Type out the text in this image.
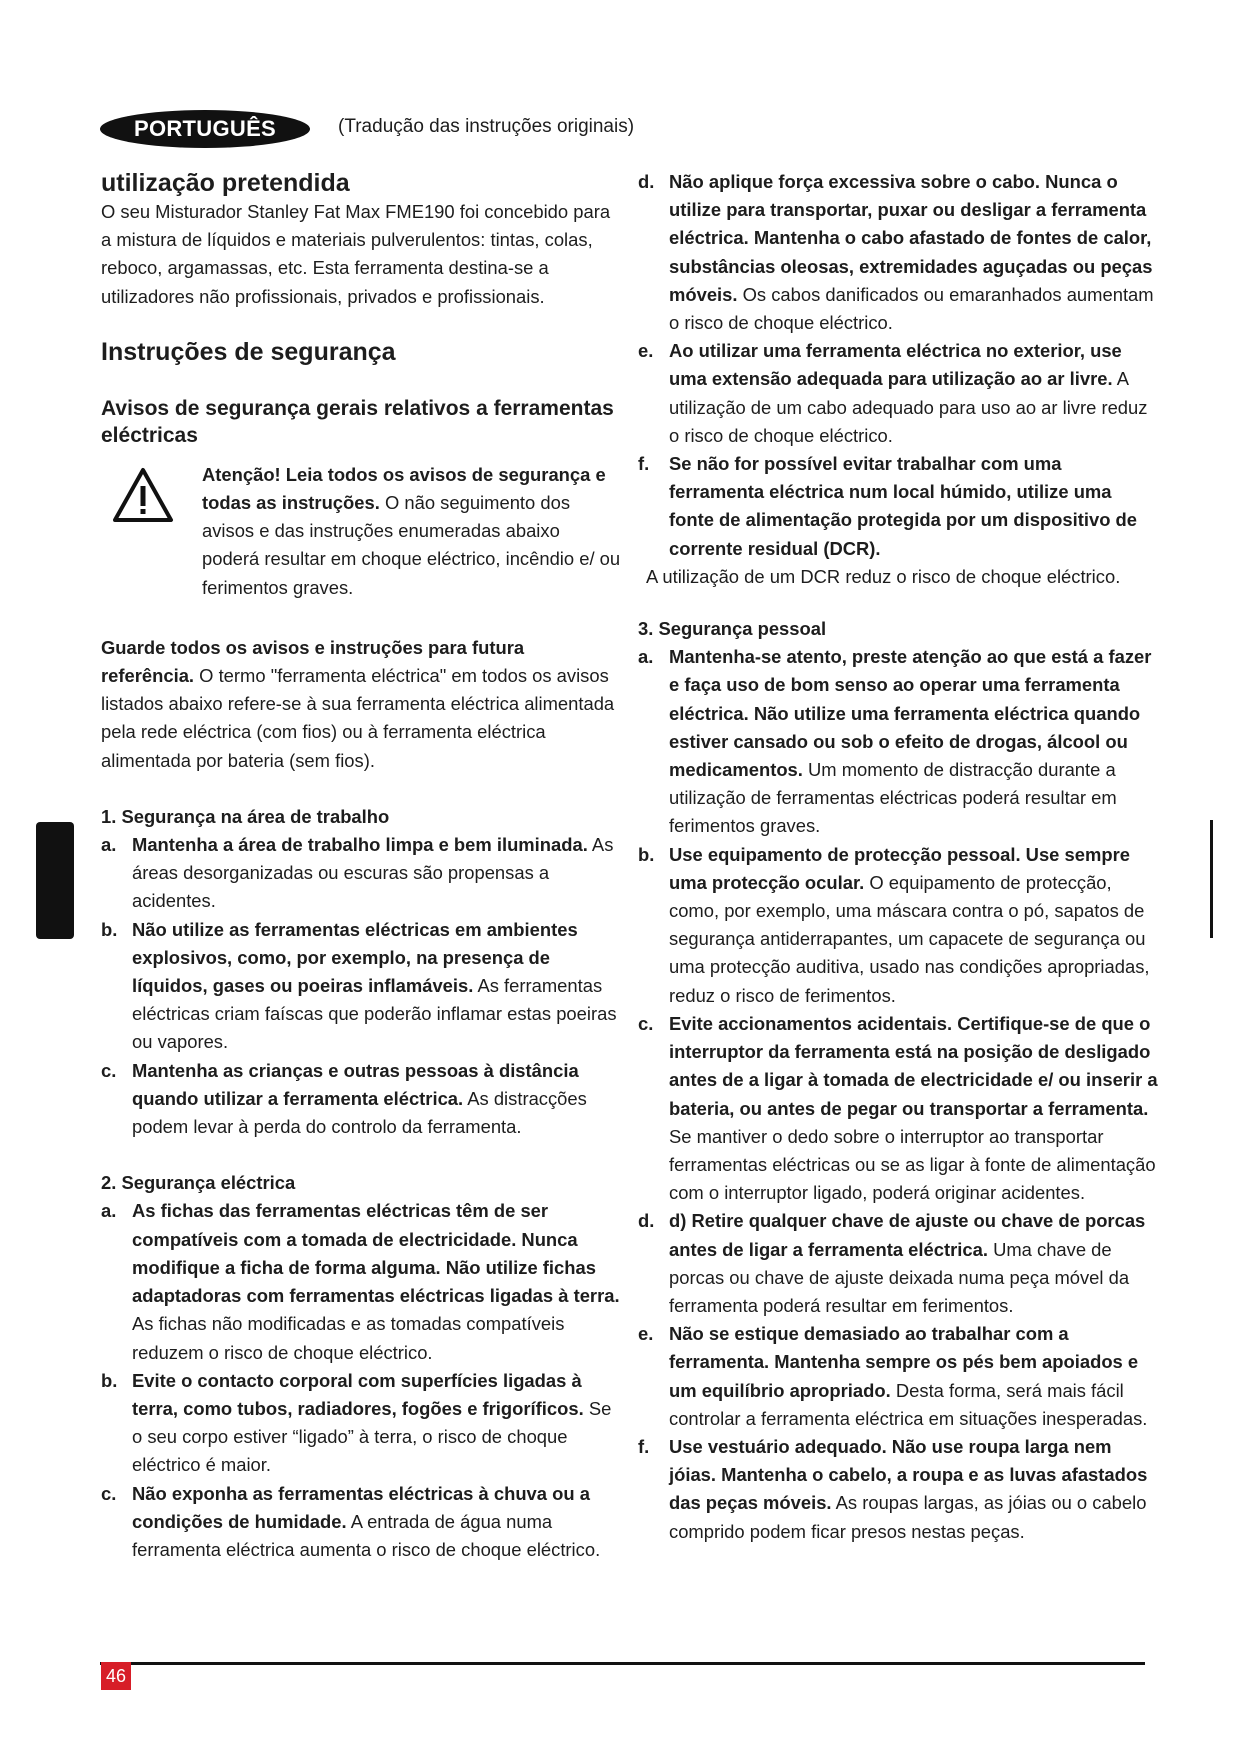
PORTUGUÊS	(Tradução das instruções originais)
utilização pretendida

O seu Misturador Stanley Fat Max FME190 foi concebido para a mistura de líquidos e materiais pulverulentos: tintas, colas, reboco, argamassas, etc. Esta ferramenta destina-se a utilizadores não profissionais, privados e profissionais.

Instruções de segurança
Avisos de segurança gerais relativos a ferramentas eléctricas

Atenção! Leia todos os avisos de segurança e todas as instruções. O não seguimento dos avisos e das instruções enumeradas abaixo poderá resultar em choque eléctrico, incêndio e/ ou ferimentos graves.

Guarde todos os avisos e instruções para futura referência. O termo "ferramenta eléctrica" em todos os avisos listados abaixo refere-se à sua ferramenta eléctrica alimentada pela rede eléctrica (com fios) ou à ferramenta eléctrica alimentada por bateria (sem fios).

1. Segurança na área de trabalho

a. Mantenha a área de trabalho limpa e bem iluminada. As áreas desorganizadas ou escuras são propensas a acidentes.
b. Não utilize as ferramentas eléctricas em ambientes explosivos, como, por exemplo, na presença de líquidos, gases ou poeiras inflamáveis. As ferramentas eléctricas criam faíscas que poderão inflamar estas poeiras ou vapores.
c. Mantenha as crianças e outras pessoas à distância quando utilizar a ferramenta eléctrica. As distracções podem levar à perda do controlo da ferramenta.

2. Segurança eléctrica

a. As fichas das ferramentas eléctricas têm de ser compatíveis com a tomada de electricidade. Nunca modifique a ficha de forma alguma. Não utilize fichas adaptadoras com ferramentas eléctricas ligadas à terra. As fichas não modificadas e as tomadas compatíveis reduzem o risco de choque eléctrico.
b. Evite o contacto corporal com superfícies ligadas à terra, como tubos, radiadores, fogões e frigoríficos. Se o seu corpo estiver “ligado” à terra, o risco de choque eléctrico é maior.
c. Não exponha as ferramentas eléctricas à chuva ou a condições de humidade. A entrada de água numa ferramenta eléctrica aumenta o risco de choque eléctrico.
d. Não aplique força excessiva sobre o cabo. Nunca o utilize para transportar, puxar ou desligar a ferramenta eléctrica. Mantenha o cabo afastado de fontes de calor, substâncias oleosas, extremidades aguçadas ou peças móveis. Os cabos danificados ou emaranhados aumentam o risco de choque eléctrico.
e. Ao utilizar uma ferramenta eléctrica no exterior, use uma extensão adequada para utilização ao ar livre. A utilização de um cabo adequado para uso ao ar livre reduz o risco de choque eléctrico.
f. Se não for possível evitar trabalhar com uma ferramenta eléctrica num local húmido, utilize uma fonte de alimentação protegida por um dispositivo de corrente residual (DCR).

A utilização de um DCR reduz o risco de choque eléctrico.

3. Segurança pessoal

a. Mantenha-se atento, preste atenção ao que está a fazer e faça uso de bom senso ao operar uma ferramenta eléctrica. Não utilize uma ferramenta eléctrica quando estiver cansado ou sob o efeito de drogas, álcool ou medicamentos. Um momento de distracção durante a utilização de ferramentas eléctricas poderá resultar em ferimentos graves.
b. Use equipamento de protecção pessoal. Use sempre uma protecção ocular. O equipamento de protecção, como, por exemplo, uma máscara contra o pó, sapatos de segurança antiderrapantes, um capacete de segurança ou uma protecção auditiva, usado nas condições apropriadas, reduz o risco de ferimentos.
c. Evite accionamentos acidentais. Certifique-se de que o interruptor da ferramenta está na posição de desligado antes de a ligar à tomada de electricidade e/ ou inserir a bateria, ou antes de pegar ou transportar a ferramenta. Se mantiver o dedo sobre o interruptor ao transportar ferramentas eléctricas ou se as ligar à fonte de alimentação com o interruptor ligado, poderá originar acidentes.
d. d) Retire qualquer chave de ajuste ou chave de porcas antes de ligar a ferramenta eléctrica. Uma chave de porcas ou chave de ajuste deixada numa peça móvel da ferramenta poderá resultar em ferimentos.
e. Não se estique demasiado ao trabalhar com a ferramenta. Mantenha sempre os pés bem apoiados e um equilíbrio apropriado. Desta forma, será mais fácil controlar a ferramenta eléctrica em situações inesperadas.
f. Use vestuário adequado. Não use roupa larga nem jóias. Mantenha o cabelo, a roupa e as luvas afastados das peças móveis. As roupas largas, as jóias ou o cabelo comprido podem ficar presos nestas peças.
46
